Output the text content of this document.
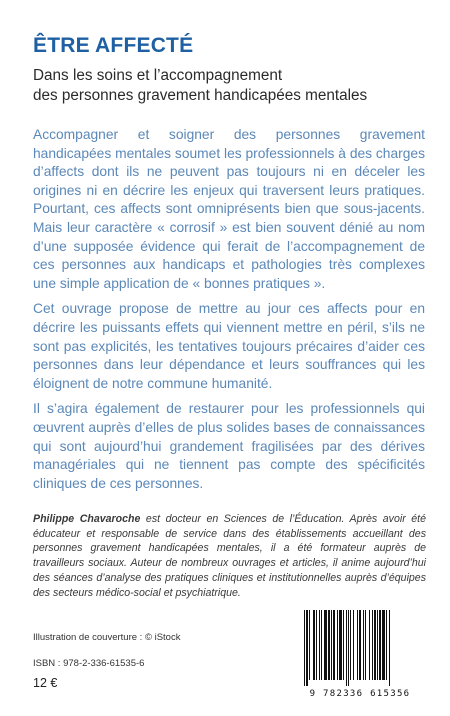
ÊTRE AFFECTÉ
Dans les soins et l’accompagnement
des personnes gravement handicapées mentales

Accompagner et soigner des personnes gravement handicapées mentales soumet les professionnels à des charges d’affects dont ils ne peuvent pas toujours ni en déceler les origines ni en décrire les enjeux qui traversent leurs pratiques. Pourtant, ces affects sont omniprésents bien que sous-jacents. Mais leur caractère « corrosif » est bien souvent dénié au nom d’une supposée évidence qui ferait de l’accompagnement de ces personnes aux handicaps et pathologies très complexes une simple application de « bonnes pratiques ».

Cet ouvrage propose de mettre au jour ces affects pour en décrire les puissants effets qui viennent mettre en péril, s’ils ne sont pas explicités, les tentatives toujours précaires d’aider ces personnes dans leur dépendance et leurs souffrances qui les éloignent de notre commune humanité.

Il s’agira également de restaurer pour les professionnels qui œuvrent auprès d’elles de plus solides bases de connaissances qui sont aujourd’hui grandement fragilisées par des dérives managériales qui ne tiennent pas compte des spécificités cliniques de ces personnes.

Philippe Chavaroche est docteur en Sciences de l’Éducation. Après avoir été éducateur et responsable de service dans des établissements accueillant des personnes gravement handicapées mentales, il a été formateur auprès de travailleurs sociaux. Auteur de nombreux ouvrages et articles, il anime aujourd’hui des séances d’analyse des pratiques cliniques et institutionnelles auprès d’équipes des secteurs médico-social et psychiatrique.
Illustration de couverture : © iStock
ISBN : 978-2-336-61535-6
12 €
9 782336 615356
